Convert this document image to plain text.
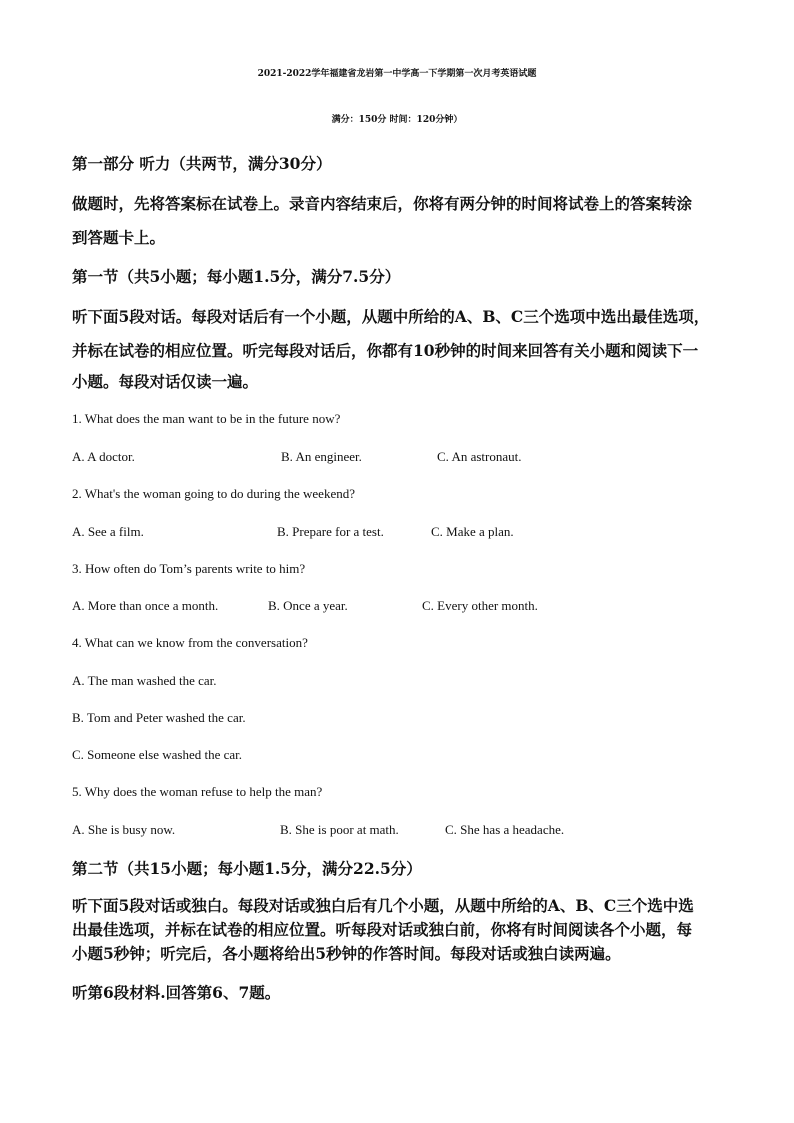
2021-2022学年福建省龙岩第一中学高一下学期第一次月考英语试题
满分：150分 时间：120分钟）
第一部分 听力（共两节，满分30分）
做题时，先将答案标在试卷上。录音内容结束后，你将有两分钟的时间将试卷上的答案转涂
到答题卡上。
第一节（共5小题；每小题1.5分，满分7.5分）
听下面5段对话。每段对话后有一个小题，从题中所给的A、B、C三个选项中选出最佳选项，
并标在试卷的相应位置。听完每段对话后，你都有10秒钟的时间来回答有关小题和阅读下一
小题。每段对话仅读一遍。
1. What does the man want to be in the future now?
A. A doctor.	B. An engineer.	C. An astronaut.
2. What's the woman going to do during the weekend?
A. See a film.	B. Prepare for a test.	C. Make a plan.
3. How often do Tom’s parents write to him?
A. More than once a month.	B. Once a year.	C. Every other month.
4. What can we know from the conversation?
A. The man washed the car.
B. Tom and Peter washed the car.
C. Someone else washed the car.
5. Why does the woman refuse to help the man?
A. She is busy now.	B. She is poor at math.	C. She has a headache.
第二节（共15小题；每小题1.5分，满分22.5分）
听下面5段对话或独白。每段对话或独白后有几个小题，从题中所给的A、B、C三个选中选
出最佳选项，并标在试卷的相应位置。听每段对话或独白前，你将有时间阅读各个小题，每
小题5秒钟；听完后，各小题将给出5秒钟的作答时间。每段对话或独白读两遍。
听第6段材料.回答第6、7题。
